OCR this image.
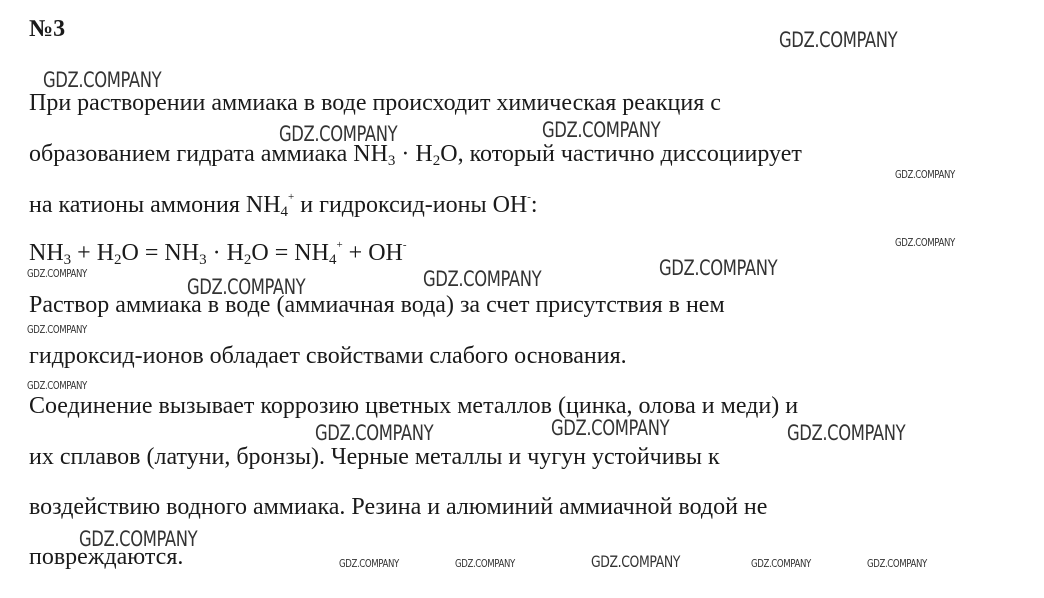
№3
При растворении аммиака в воде происходит химическая реакция с
образованием гидрата аммиака $NH_3 \cdot H_2O$, который частично диссоциирует
на катионы аммония $NH_4^+$ и гидроксид-ионы OH-:
$NH_3 + H_2O = NH_3 \cdot H_2O = NH_4^+ + OH^-$
Раствор аммиака в воде (аммиачная вода) за счет присутствия в нем
гидроксид-ионов обладает свойствами слабого основания.
Соединение вызывает коррозию цветных металлов (цинка, олова и меди) и
их сплавов (латуни, бронзы). Черные металлы и чугун устойчивы к
воздействию водного аммиака. Резина и алюминий аммиачной водой не
повреждаются.
GDZ.COMPANY
GDZ.COMPANY
GDZ.COMPANY	GDZ.COMPANY
GDZ.COMPANY
GDZ.COMPANY
GDZ.COMPANY	GDZ.COMPANY
GDZ.COMPANY	GDZ.COMPANY
GDZ.COMPANY
GDZ.COMPANY
GDZ.COMPANY	GDZ.COMPANY	GDZ.COMPANY
GDZ.COMPANY
GDZ.COMPANY	GDZ.COMPANY	GDZ.COMPANY	GDZ.COMPANY	GDZ.COMPANY
